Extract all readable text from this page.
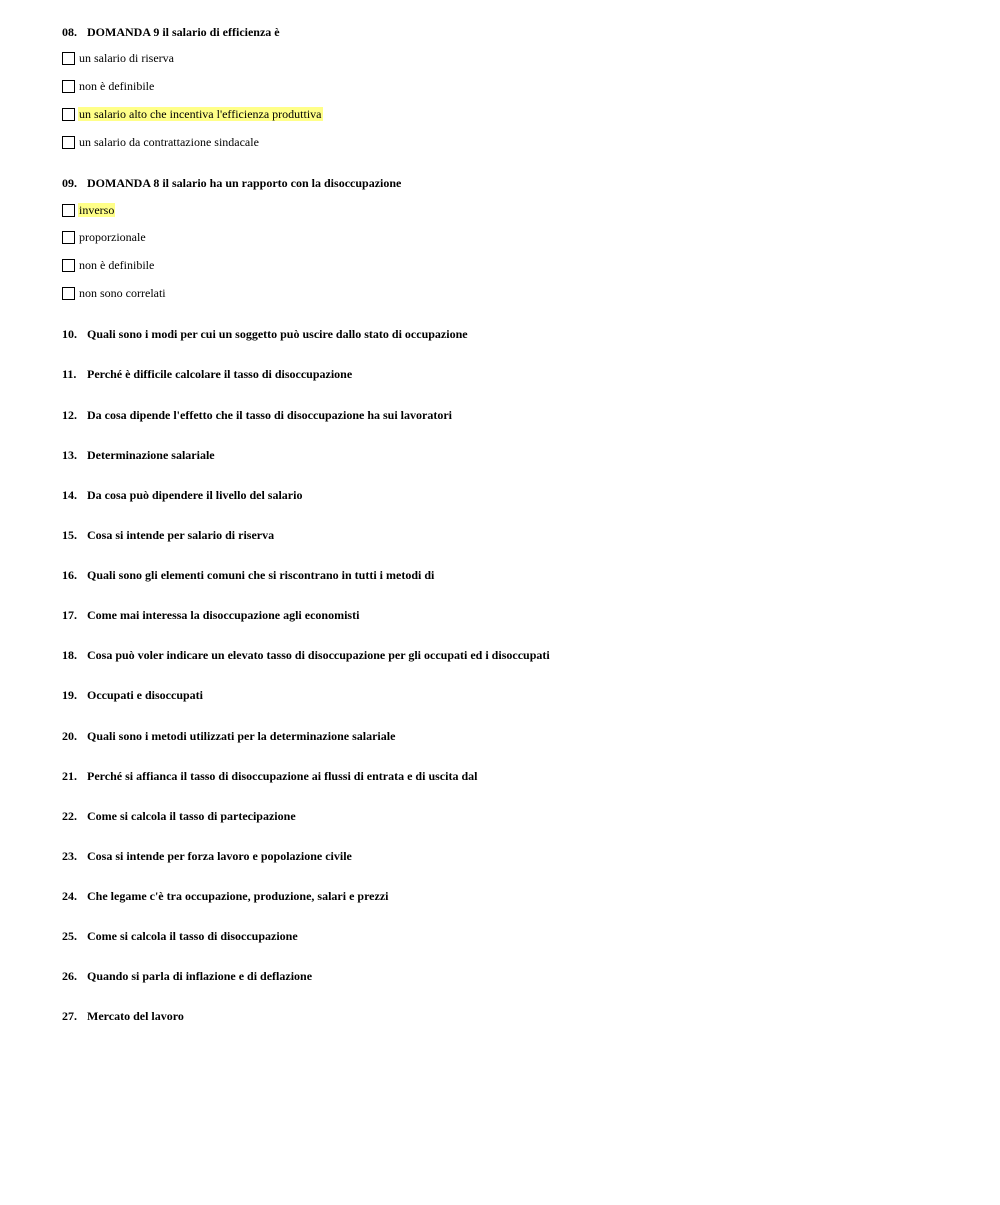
08. DOMANDA 9 il salario di efficienza è
un salario di riserva
non è definibile
un salario alto che incentiva l'efficienza produttiva
un salario da contrattazione sindacale
09. DOMANDA 8 il salario ha un rapporto con la disoccupazione
inverso
proporzionale
non è definibile
non sono correlati
10. Quali sono i modi per cui un soggetto può uscire dallo stato di occupazione
11. Perché è difficile calcolare il tasso di disoccupazione
12. Da cosa dipende l'effetto che il tasso di disoccupazione ha sui lavoratori
13. Determinazione salariale
14. Da cosa può dipendere il livello del salario
15. Cosa si intende per salario di riserva
16. Quali sono gli elementi comuni che si riscontrano in tutti i metodi di
17. Come mai interessa la disoccupazione agli economisti
18. Cosa può voler indicare un elevato tasso di disoccupazione per gli occupati ed i disoccupati
19. Occupati e disoccupati
20. Quali sono i metodi utilizzati per la determinazione salariale
21. Perché si affianca il tasso di disoccupazione ai flussi di entrata e di uscita dal
22. Come si calcola il tasso di partecipazione
23. Cosa si intende per forza lavoro e popolazione civile
24. Che legame c'è tra occupazione, produzione, salari e prezzi
25. Come si calcola il tasso di disoccupazione
26. Quando si parla di inflazione e di deflazione
27. Mercato del lavoro
